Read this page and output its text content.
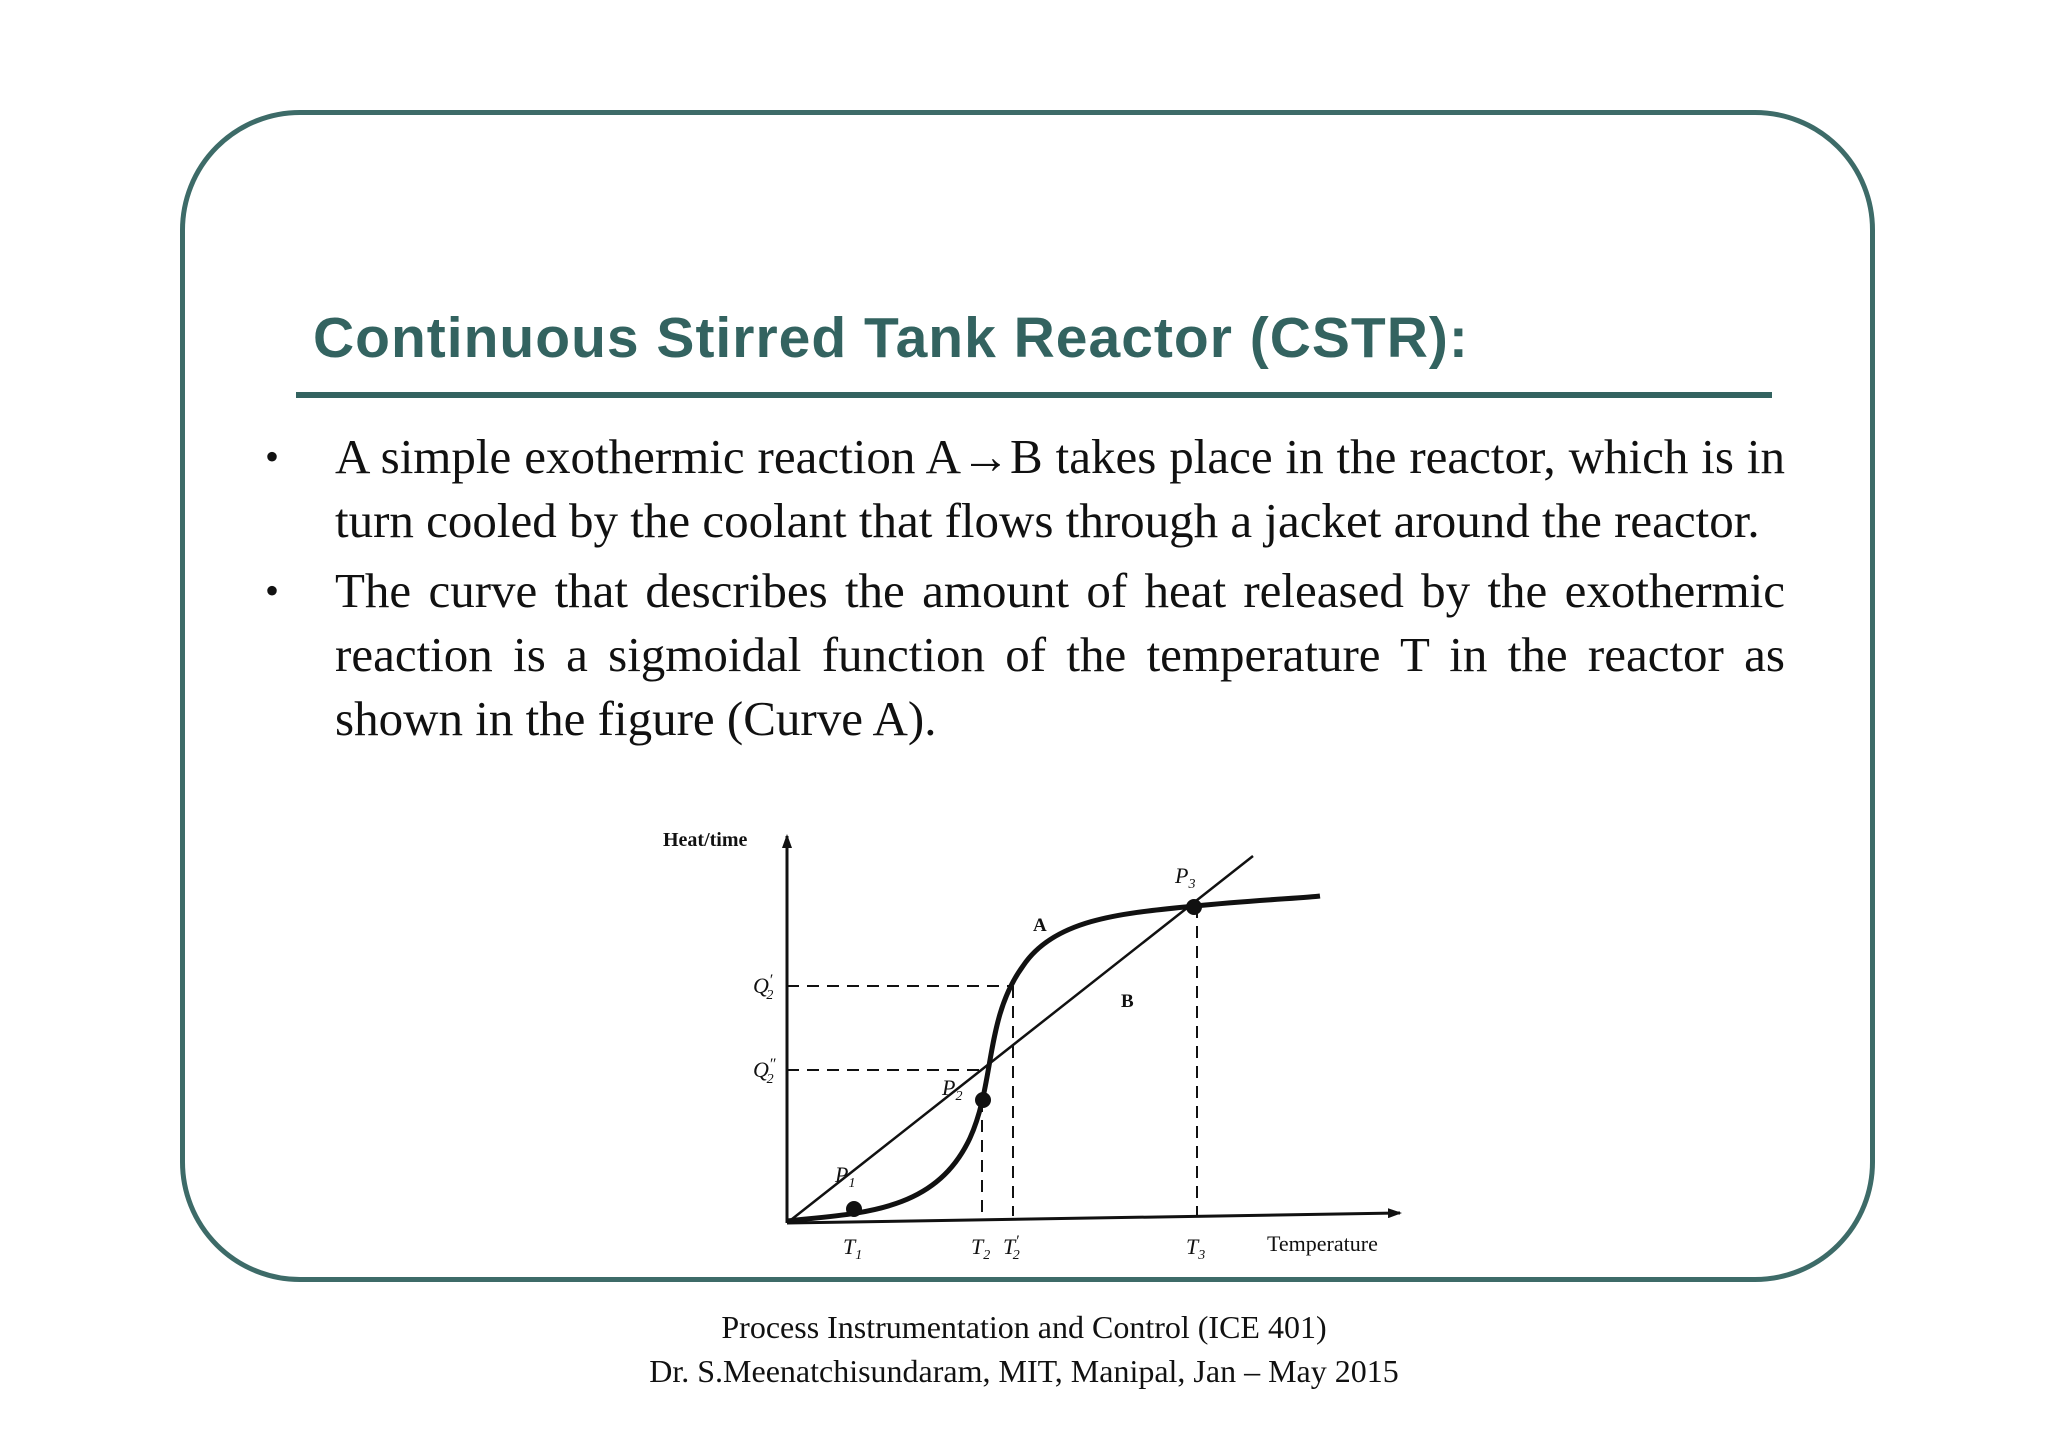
Continuous Stirred Tank Reactor (CSTR):
• A simple exothermic reaction A→B takes place in the reactor, which is in turn cooled by the coolant that flows through a jacket around the reactor.
• The curve that describes the amount of heat released by the exothermic reaction is a sigmoidal function of the temperature T in the reactor as shown in the figure (Curve A).
Heat/time
Temperature
A
B
$P_1$
$P_2$
$P_3$
Q′ 2
Q″ 2
$T_1$	$T_2$ T′ 2	$T_3$
Process Instrumentation and Control (ICE 401)
Dr. S.Meenatchisundaram, MIT, Manipal, Jan – May 2015
